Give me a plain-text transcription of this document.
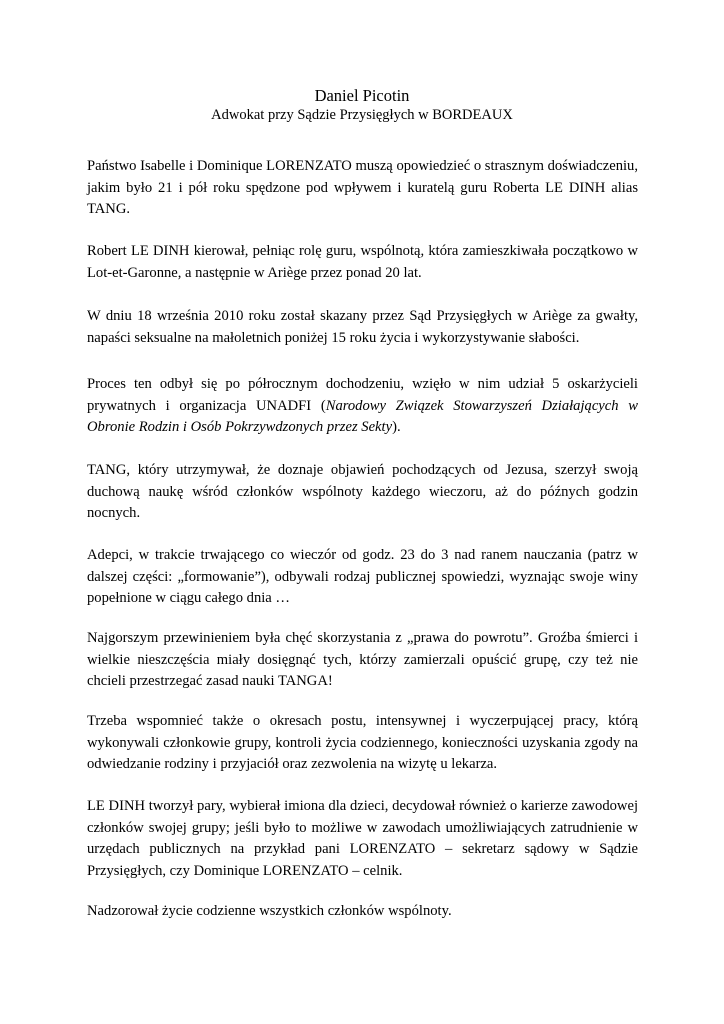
Daniel Picotin
Adwokat przy Sądzie Przysięgłych w BORDEAUX

Państwo Isabelle i Dominique LORENZATO muszą opowiedzieć o strasznym doświadczeniu, jakim było 21 i pół roku spędzone pod wpływem i kuratelą guru Roberta LE DINH alias TANG.

Robert LE DINH kierował, pełniąc rolę guru, wspólnotą, która zamieszkiwała początkowo w Lot-et-Garonne, a następnie w Ariège przez ponad 20 lat.

W dniu 18 września 2010 roku został skazany przez Sąd Przysięgłych w Ariège za gwałty, napaści seksualne na małoletnich poniżej 15 roku życia i wykorzystywanie słabości.

Proces ten odbył się po półrocznym dochodzeniu, wzięło w nim udział 5 oskarżycieli prywatnych i organizacja UNADFI (Narodowy Związek Stowarzyszeń Działających w Obronie Rodzin i Osób Pokrzywdzonych przez Sekty).

TANG, który utrzymywał, że doznaje objawień pochodzących od Jezusa, szerzył swoją duchową naukę wśród członków wspólnoty każdego wieczoru, aż do późnych godzin nocnych.

Adepci, w trakcie trwającego co wieczór od godz. 23 do 3 nad ranem nauczania (patrz w dalszej części: „formowanie”), odbywali rodzaj publicznej spowiedzi, wyznając swoje winy popełnione w ciągu całego dnia …

Najgorszym przewinieniem była chęć skorzystania z „prawa do powrotu”. Groźba śmierci i wielkie nieszczęścia miały dosięgnąć tych, którzy zamierzali opuścić grupę, czy też nie chcieli przestrzegać zasad nauki TANGA!

Trzeba wspomnieć także o okresach postu, intensywnej i wyczerpującej pracy, którą wykonywali członkowie grupy, kontroli życia codziennego, konieczności uzyskania zgody na odwiedzanie rodziny i przyjaciół oraz zezwolenia na wizytę u lekarza.

LE DINH tworzył pary, wybierał imiona dla dzieci, decydował również o karierze zawodowej członków swojej grupy; jeśli było to możliwe w zawodach umożliwiających zatrudnienie w urzędach publicznych na przykład pani LORENZATO – sekretarz sądowy w Sądzie Przysięgłych, czy Dominique LORENZATO – celnik.

Nadzorował życie codzienne wszystkich członków wspólnoty.
